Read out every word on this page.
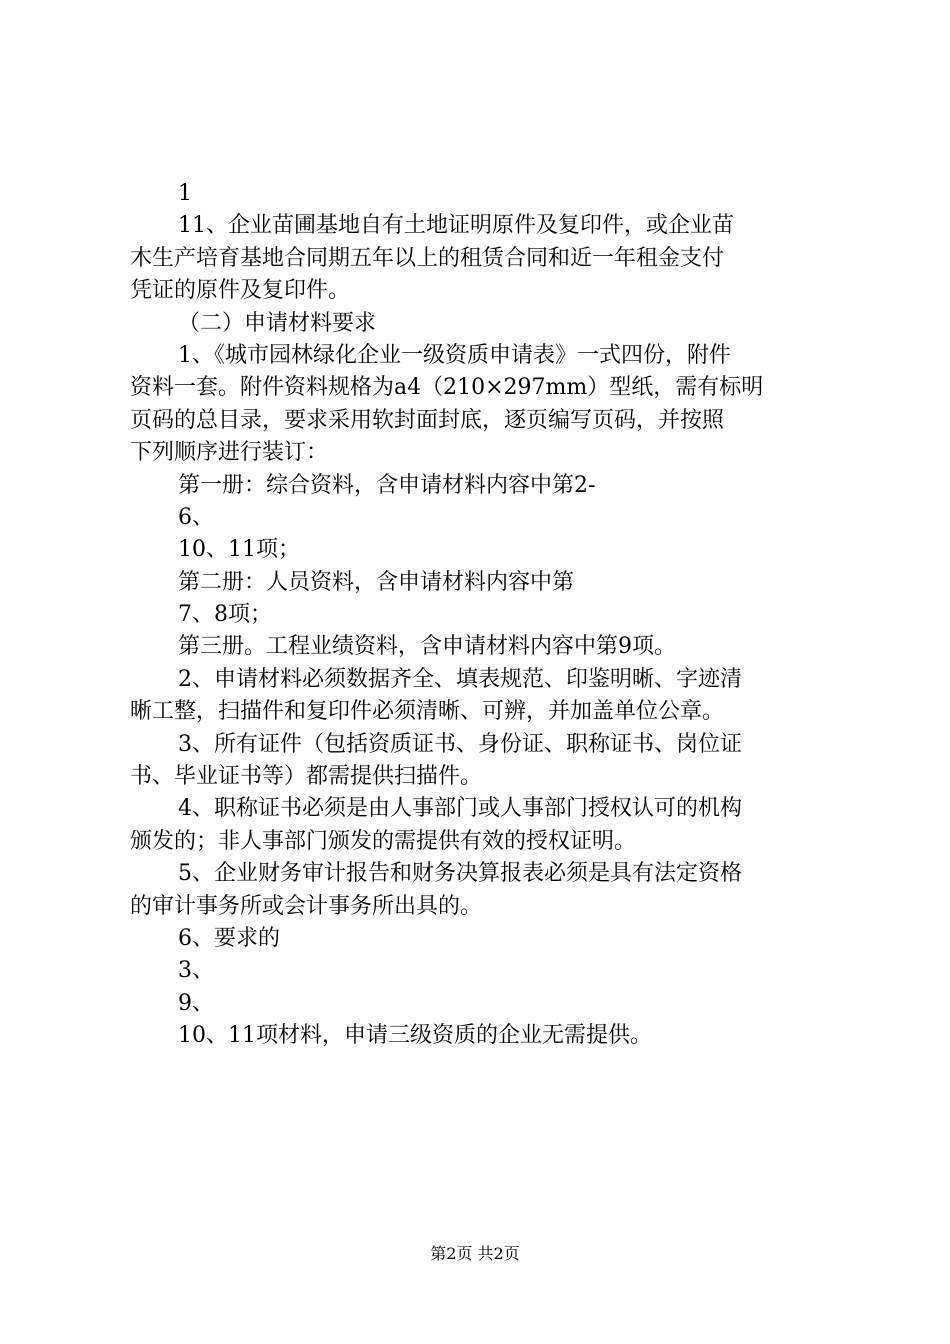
1
11、企业苗圃基地自有土地证明原件及复印件，或企业苗
木生产培育基地合同期五年以上的租赁合同和近一年租金支付
凭证的原件及复印件。
（二）申请材料要求
1、《城市园林绿化企业一级资质申请表》一式四份，附件
资料一套。附件资料规格为a4（210×297mm）型纸，需有标明
页码的总目录，要求采用软封面封底，逐页编写页码，并按照
下列顺序进行装订：
第一册：综合资料，含申请材料内容中第2-
6、
10、11项；
第二册：人员资料，含申请材料内容中第
7、8项；
第三册。工程业绩资料，含申请材料内容中第9项。
2、申请材料必须数据齐全、填表规范、印鉴明晰、字迹清
晰工整，扫描件和复印件必须清晰、可辨，并加盖单位公章。
3、所有证件（包括资质证书、身份证、职称证书、岗位证
书、毕业证书等）都需提供扫描件。
4、职称证书必须是由人事部门或人事部门授权认可的机构
颁发的；非人事部门颁发的需提供有效的授权证明。
5、企业财务审计报告和财务决算报表必须是具有法定资格
的审计事务所或会计事务所出具的。
6、要求的
3、
9、
10、11项材料，申请三级资质的企业无需提供。
第2页 共2页
